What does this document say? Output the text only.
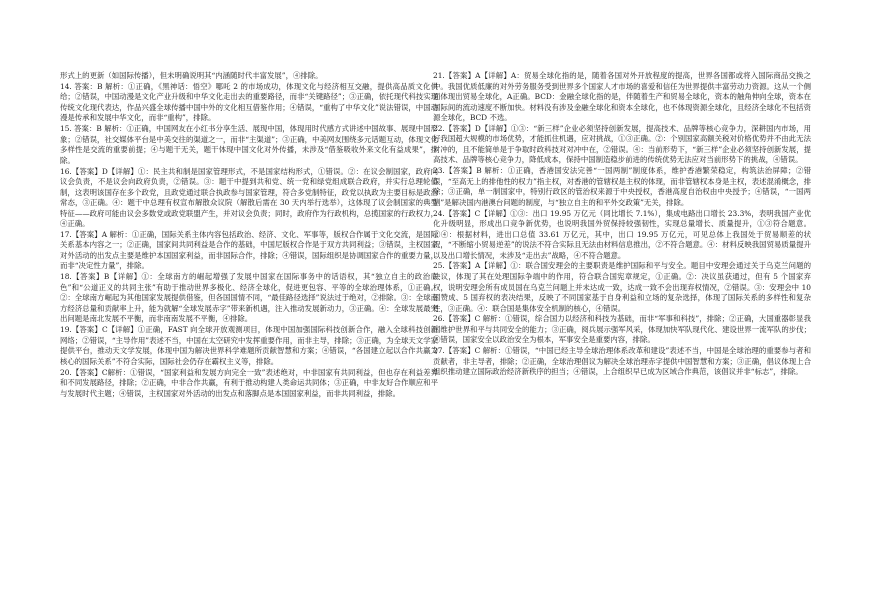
形式上的更新（如国际传播），但未明确说明其“内涵随时代丰富发展”，④排除。

14. 答案：B 解析：①正确，《黑神话：悟空》哪吒 2 的市场成功，体现文化与经济相互交融，提供高品质文化供给；②错误，中国动漫是文化产业升级和中华文化走出去的重要路径，而非“关键路径”；③正确，依托现代科技实现传统文化现代表达，作品兴盛全球传播中国中外的文化相互借鉴作用；④错误，“重构了中华文化”说法错误，中国动漫是传承和发展中华文化，而非“重构”，排除。

15. 答案：B 解析：①正确，中国网友在小红书分享生活、展现中国，体现用时代感方式讲述中国故事、展现中国形象；②错误，社交媒体平台是中美交往的渠道之一，而非“主渠道”；③正确，中美网友围绕多元话题互动，体现文化多样性是交流的重要前提；④与题干无关，题干体现中国文化对外传播，未涉及“借鉴吸收外来文化有益成果”，排除。

16.【答案】D【详解】①：民主共和制是国家管理形式，不是国家结构形式，①错误。②：在议会制国家，政府向议会负责，不是议会向政府负责，②错误。③：题干中提到共和党、统一党和绿党组成联合政府，并实行总理轮值制，这表明该国存在多个政党，且政党通过联合执政参与国家管理，符合多党制特征，政党以执政为主要目标是政治常态，③正确。④：题干中总理有权宣布解散众议院（解散后需在 30 天内举行选举），这体现了议会制国家的典型特征——政府可能由议会多数党或政党联盟产生，并对议会负责；同时，政府作为行政机构，总揽国家的行政权力，④正确。

17.【答案】A 解析：①正确，国际关系主体内容包括政治、经济、文化、军事等，版权合作属于文化交流，是国际关系基本内容之一；②正确，国家间共同利益是合作的基础，中国尼版权合作是于双方共同利益；③错误，主权国家对外活动的出发点主要是维护本国国家利益，而非国际合作，排除；④错误，国际组织是协调国家合作的重要力量，而非“决定性力量”，排除。

18.【答案】B【详解】①：全球南方的崛起增强了发展中国家在国际事务中的话语权，其“独立自主的政治底色”和“公道正义的共同主张”有助于推动世界多极化、经济全球化，促进更包容、平等的全球治理体系，①正确。②：全球南方崛起为其他国家发展提供借鉴，但各国国情不同，“最佳路径选择”说法过于绝对，②排除。③：全球南方经济总量和贡献率上升，能为就解“全球发展赤字”带来新机遇，注入推动发展新动力，③正确。④：全球发展最突出问题是南北发展不平衡，而非南南发展不平衡，④排除。

19.【答案】C【详解】①正确，FAST 向全球开放观测项目，体现中国加强国际科技创新合作，融入全球科技创新网络；②错误，“主导作用”表述不当，中国在太空研究中发挥重要作用，而非主导，排除；③正确，为全球天文学家提供平台，推动天文学发展，体现中国为解决世界科学难题所贡献智慧和方案；④错误，“各国建立起以合作共赢为核心的国际关系”不符合实际，国际社会仍存在霸权主义等，排除。

20.【答案】C解析：①错误，“国家利益和发展方向完全一致”表述绝对，中非国家有共同利益，但也存在利益差异和不同发展路径，排除；②正确，中非合作共赢，有利于推动构建人类命运共同体；③正确，中非友好合作顺应和平与发展时代主题；④错误，主权国家对外活动的出发点和落脚点是本国国家利益，而非共同利益，排除。

21.【答案】A【详解】A：贸易全球化指的是，随着各国对外开放程度的提高，世界各国都或将入国际商品交换之中。我国优质低廉的对外劳务服务受到世界多个国家人才市场的喜爱和信任为世界提供丰富劳动力资源。这从一个侧面体现出贸易全球化，A正确。BCD：金融全球化指的是，伴随着生产和贸易全球化，资本的触角伸向全球，资本在国际间的流动速度不断加快。材料没有涉及金融全球化和资本全球化，也不体现资源全球化，且经济全球化不包括资源全球化，BCD 不选。

22.【答案】D【详解】①③：“新三样”企业必须坚持创新发展，提高技术、品牌等核心竞争力，深耕国内市场，用好我国超大规模的市场优势，才能抓住机遇，应对挑战，①③正确。②：个别国家高额关税对价格优势并不由此无法对冲的，且不能简单是于争取时政科技对对冲中在，②错误。④：当前形势下，“新三样”企业必须坚持创新发展，提高技术、品牌等核心竞争力，降低成本，保持中国制造稳步前进的传统优势无法应对当前形势下的挑战，④错误。

23.【答案】B 解析：①正确，香港国安法完善“一国两制”制度体系，维护香港繁荣稳定，构筑法治屏障；②错误，“至高无上的排他性的权力”指主权，对香港的管辖权是主权的体现，而非管辖权本身是主权，表述混淆概念，排除；③正确，单一制国家中，特别行政区的管治权来源于中央授权，香港高度自治权由中央授予；④错误，“一国两制”是解决国内港澳台问题的制度，与“独立自主的和平外交政策”无关，排除。

24.【答案】C【详解】①③：出口 19.95 万亿元（同比增长 7.1%），集成电路出口增长 23.3%，表明我国产业优化升级明显，形成出口竞争新优势，也说明我国外贸保持较强韧性，实现总量增长、质量提升，①③符合题意。②④：根据材料，进出口总值 33.61 万亿元，其中，出口 19.95 万亿元，可见总体上我国处于贸易顺差的状况，“不断缩小贸易逆差”的说法不符合实际且无法由材料信息推出，②不符合题意。④：材料反映我国贸易质量提升以及出口增长情况，未涉及“走出去”战略，④不符合题意。

25.【答案】A【详解】①：联合国安理会的主要职责是维护国际和平与安全。题目中安理会通过关于乌克兰问题的决议，体现了其在处理国际争端中的作用，符合联合国宪章规定，①正确。②：决议虽获通过，但有 5 个国家弃权，说明安理会所有成员国在乌克兰问题上并未达成一致，达成一致不会出现弃权情况，②错误。③：安理会中 10 国赞成、5 国弃权的表决结果，反映了不同国家基于自身利益和立场的复杂选择，体现了国际关系的多样性和复杂性，③正确。④：联合国是集体安全机制的核心，④错误。

26.【答案】C 解析：①错误，综合国力以经济和科技为基础，而非“军事和科技”，排除；②正确，大国重器彰显我国维护世界和平与共同安全的能力；③正确，阅兵展示强军风采，体现加快军队现代化、建设世界一流军队的步伐；④错误，国家安全以政治安全为根本，军事安全是重要内容，排除。

27.【答案】C 解析：①错误，“中国已经主导全球治理体系改革和建设”表述不当，中国是全球治理的重要参与者和贡献者，非主导者，排除；②正确，全球治理倡议为解决全球治理赤字提供中国智慧和方案；③正确，倡议体现上合组织推动建立国际政治经济新秩序的担当；④错误，上合组织早已成为区域合作典范，该倡议并非“标志”，排除。
